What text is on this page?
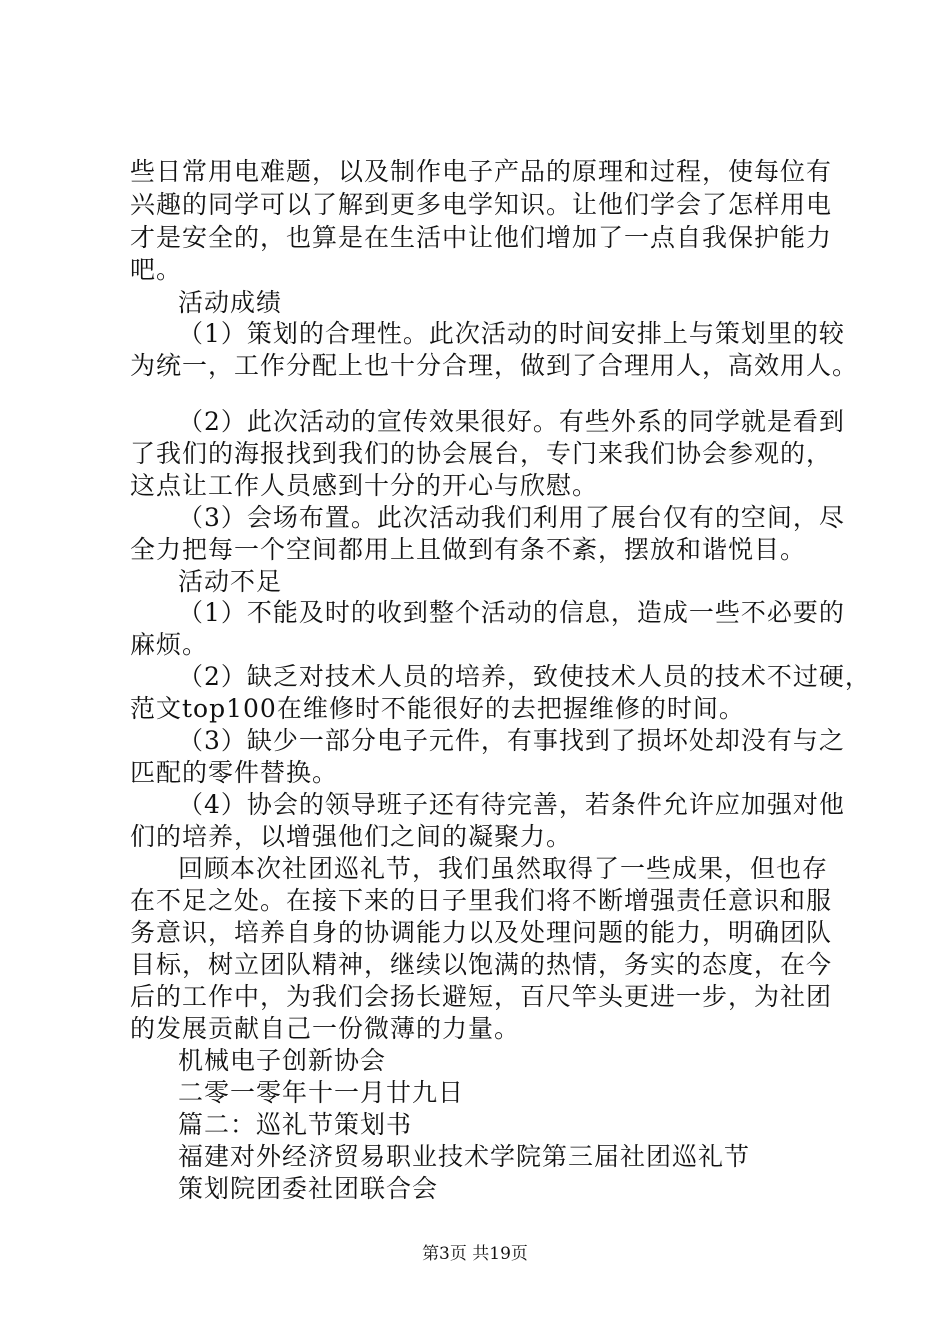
些日常用电难题，以及制作电子产品的原理和过程，使每位有
兴趣的同学可以了解到更多电学知识。让他们学会了怎样用电
才是安全的，也算是在生活中让他们增加了一点自我保护能力
吧。
活动成绩
（1）策划的合理性。此次活动的时间安排上与策划里的较
为统一，工作分配上也十分合理，做到了合理用人，高效用人。
（2）此次活动的宣传效果很好。有些外系的同学就是看到
了我们的海报找到我们的协会展台，专门来我们协会参观的，
这点让工作人员感到十分的开心与欣慰。
（3）会场布置。此次活动我们利用了展台仅有的空间，尽
全力把每一个空间都用上且做到有条不紊，摆放和谐悦目。
活动不足
（1）不能及时的收到整个活动的信息，造成一些不必要的
麻烦。
（2）缺乏对技术人员的培养，致使技术人员的技术不过硬，
范文top100在维修时不能很好的去把握维修的时间。
（3）缺少一部分电子元件，有事找到了损坏处却没有与之
匹配的零件替换。
（4）协会的领导班子还有待完善，若条件允许应加强对他
们的培养，以增强他们之间的凝聚力。
回顾本次社团巡礼节，我们虽然取得了一些成果，但也存
在不足之处。在接下来的日子里我们将不断增强责任意识和服
务意识，培养自身的协调能力以及处理问题的能力，明确团队
目标，树立团队精神，继续以饱满的热情，务实的态度，在今
后的工作中，为我们会扬长避短，百尺竿头更进一步，为社团
的发展贡献自己一份微薄的力量。
机械电子创新协会
二零一零年十一月廿九日
篇二：巡礼节策划书
福建对外经济贸易职业技术学院第三届社团巡礼节
策划院团委社团联合会
第3页 共19页
